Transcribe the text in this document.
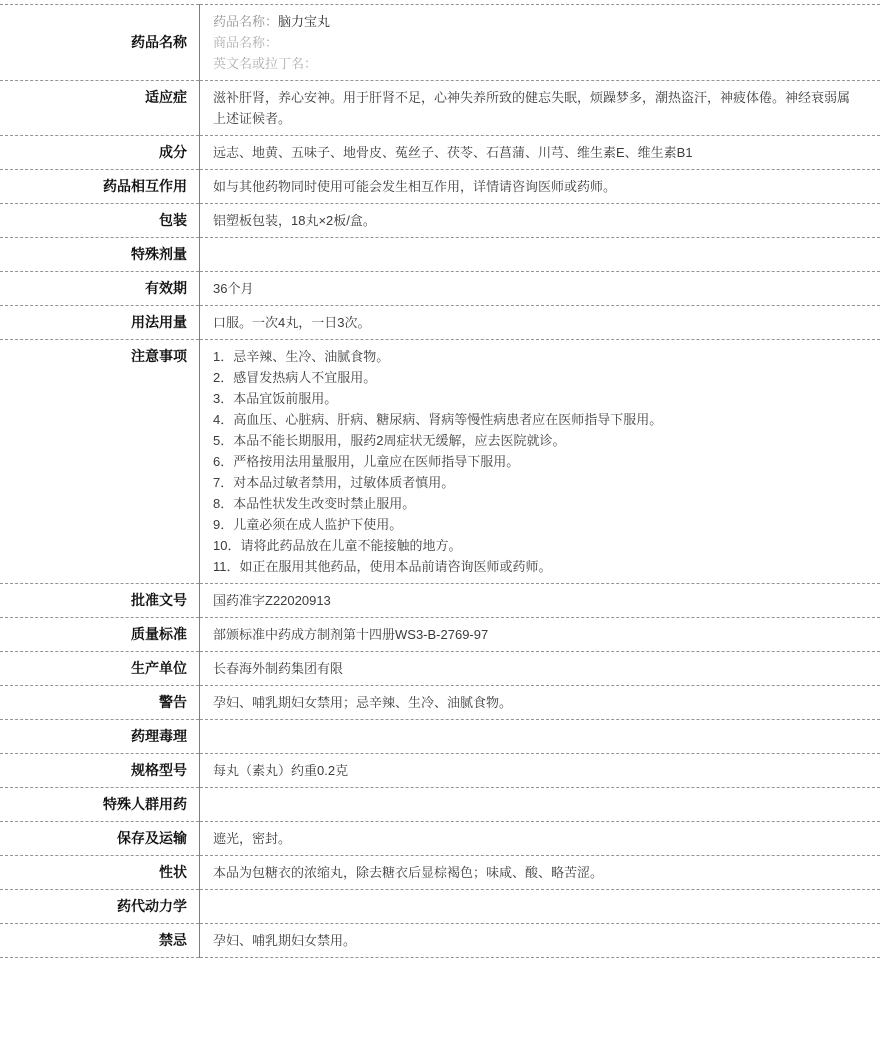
药品名称	药品名称：脑力宝丸
商品名称：
英文名或拉丁名：

适应症	滋补肝肾，养心安神。用于肝肾不足，心神失养所致的健忘失眠，烦躁梦多，潮热盗汗，神疲体倦。神经衰弱属上述证候者。
成分	远志、地黄、五味子、地骨皮、菟丝子、茯苓、石菖蒲、川芎、维生素E、维生素B1
药品相互作用	如与其他药物同时使用可能会发生相互作用，详情请咨询医师或药师。
包装	铝塑板包装，18丸×2板/盒。
特殊剂量	
有效期	36个月
用法用量	口服。一次4丸，一日3次。
注意事项	1．忌辛辣、生冷、油腻食物。
2．感冒发热病人不宜服用。
3．本品宜饭前服用。
4．高血压、心脏病、肝病、糖尿病、肾病等慢性病患者应在医师指导下服用。
5．本品不能长期服用，服药2周症状无缓解，应去医院就诊。
6．严格按用法用量服用，儿童应在医师指导下服用。
7．对本品过敏者禁用，过敏体质者慎用。
8．本品性状发生改变时禁止服用。
9．儿童必须在成人监护下使用。
10．请将此药品放在儿童不能接触的地方。
11．如正在服用其他药品，使用本品前请咨询医师或药师。

批准文号	国药准字Z22020913
质量标准	部颁标准中药成方制剂第十四册WS3-B-2769-97
生产单位	长春海外制药集团有限
警告	孕妇、哺乳期妇女禁用；忌辛辣、生冷、油腻食物。
药理毒理	
规格型号	每丸（素丸）约重0.2克
特殊人群用药	
保存及运输	遮光，密封。
性状	本品为包糖衣的浓缩丸，除去糖衣后显棕褐色；味咸、酸、略苦涩。
药代动力学	
禁忌	孕妇、哺乳期妇女禁用。
